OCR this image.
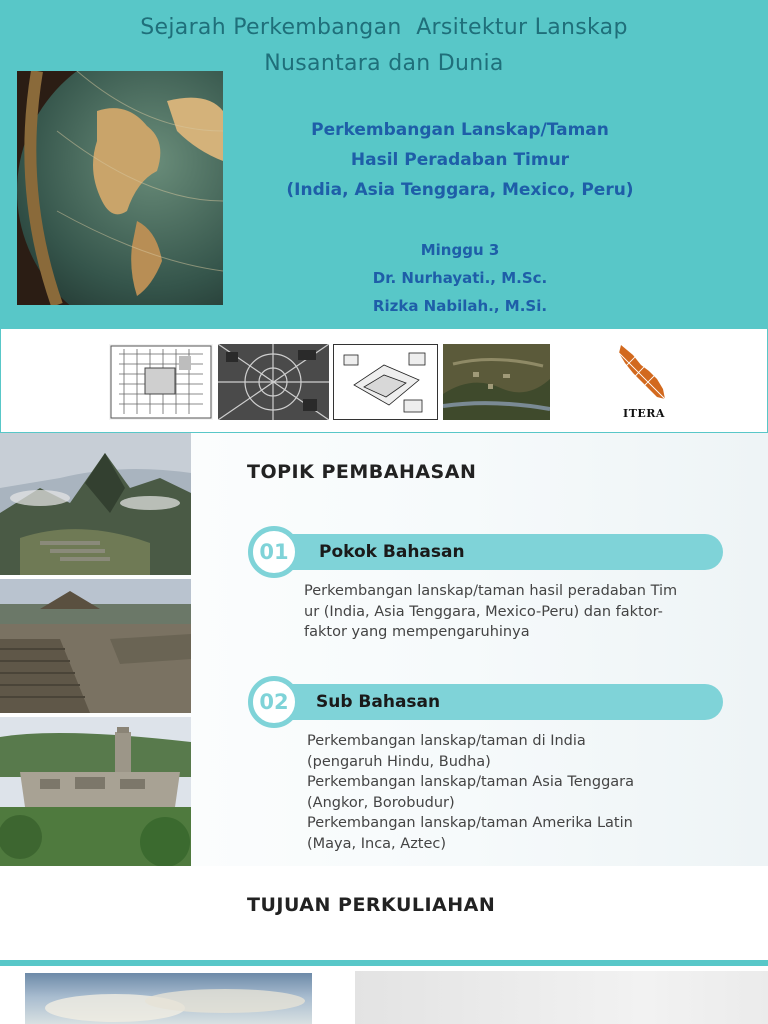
Sejarah Perkembangan  Arsitektur Lanskap
Nusantara dan Dunia
Perkembangan Lanskap/Taman
Hasil Peradaban Timur
(India, Asia Tenggara, Mexico, Peru)
Minggu 3
Dr. Nurhayati., M.Sc.
Rizka Nabilah., M.Si.
ITERA
TOPIK PEMBAHASAN
01	Pokok Bahasan
Perkembangan lanskap/taman hasil peradaban Tim
ur (India, Asia Tenggara, Mexico-Peru) dan faktor-
faktor yang mempengaruhinya
02	Sub Bahasan
Perkembangan lanskap/taman di India
(pengaruh Hindu, Budha)
Perkembangan lanskap/taman Asia Tenggara
(Angkor, Borobudur)
Perkembangan lanskap/taman Amerika Latin
(Maya, Inca, Aztec)
TUJUAN PERKULIAHAN
